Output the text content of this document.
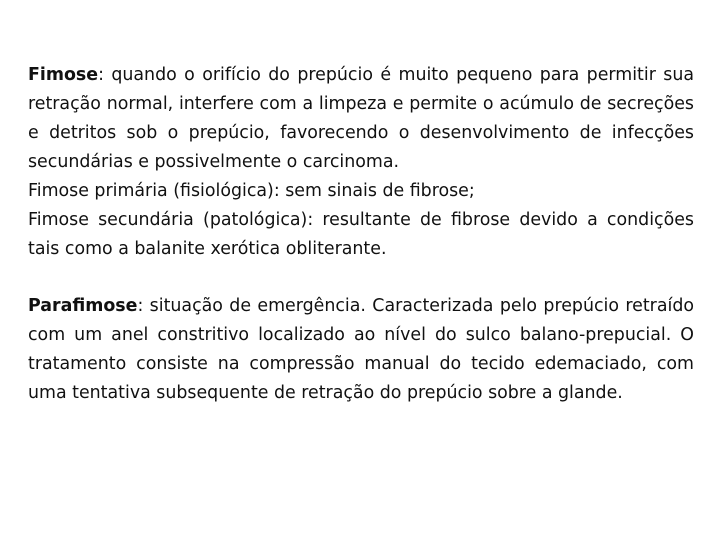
Fimose: quando o orifício do prepúcio é muito pequeno para permitir sua retração normal, interfere com a limpeza e permite o acúmulo de secreções e detritos sob o prepúcio, favorecendo o desenvolvimento de infecções secundárias e possivelmente o carcinoma.

Fimose primária (fisiológica): sem sinais de fibrose;

Fimose secundária (patológica): resultante de fibrose devido a condições tais como a balanite xerótica obliterante.

Parafimose: situação de emergência. Caracterizada pelo prepúcio retraído com um anel constritivo localizado ao nível do sulco balano-prepucial. O tratamento consiste na compressão manual do tecido edemaciado, com uma tentativa subsequente de retração do prepúcio sobre a glande.
